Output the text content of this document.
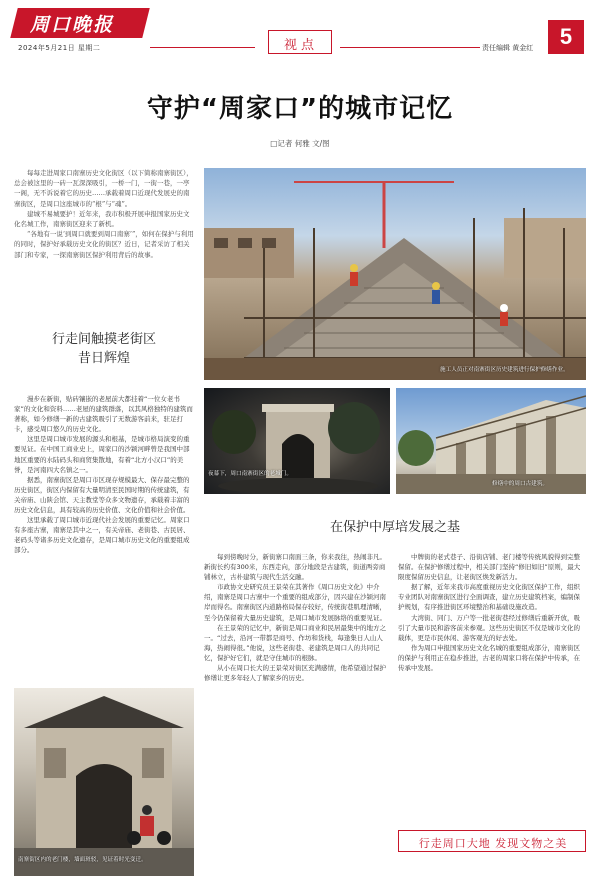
周口晚报
2024年5月21日 星期二	视点	责任编辑 黄金红	5
守护“周家口”的城市记忆
□记者 何雅 文/图

每每走进周家口南寨历史文化街区（以下简称南寨街区），总会被这里的一砖一瓦深深吸引，一桥一门，一街一巷，一亭一阁，无不诉说着它的历史……承载着周口近现代发展史的南寨街区，是周口这座城市的“根”与“魂”。

建城不易城要护！近年来，我市积极开展申报国家历史文化名城工作，南寨街区迎来了新机。

“各地有一说‘到周口就要到周口南寨’”，如何在保护与利用的同时，保护好承载历史文化的街区？近日，记者采访了相关部门和专家，一探南寨街区保护利用背后的故事。

行走间触摸老街区
昔日辉煌

漫步在新街，贴砖镶嵌的老屋前大都挂着“一位女老书家”的文化和资料……老屋的建筑群落，以其风格独特的建筑而著称，如今修缮一新的古建筑吸引了无数游客前来，驻足打卡，感受周口悠久的历史文化。

这里是周口城市发展的源头和根基，是城市格局演变的重要见证。在中国工商业史上，周家口的沙颍河畔曾是我国中部地区重要的水陆码头和商贸集散地，有着“北方小汉口”的美誉，是河南四大名镇之一。

据悉，南寨街区是周口市区现存规模最大、保存最完整的历史街区，街区内保留有大量明清至民国时期的传统建筑，有关帝庙、山陕会馆、天主教堂等众多文物遗存，承载着丰富的历史文化信息，具有较高的历史价值、文化价值和社会价值。

这里承载了周口城市近现代社会发展的重要记忆。周家口有多座古寨，南寨是其中之一，有关帝庙、老街巷、古民居、老码头等诸多历史文化遗存，是周口城市历史文化的重要组成部分。

施工人员正对南寨街区历史建筑进行保护修缮作业。
夜幕下，周口南寨街区的老城门。
修缮中的周口古建筑。
在保护中厚培发展之基

每到傍晚时分，新街寨口南面三条，你来我往，热闹非凡。新街长约有300米，东西走向，部分地段是古建筑，街道两旁商铺林立，古朴建筑与现代生活交融。

市政协文史研究员王景荣在其著作《周口历史文化》中介绍，南寨是周口古寨中一个重要的组成部分，因兴建在沙颍河南岸而得名。南寨街区内道路格局保存较好，传统街巷肌理清晰，至今仍保留着大量历史建筑，是周口城市发展脉络的重要见证。

在王景荣的记忆中，新街是周口商业和民居最集中的地方之一。“过去，沿河一带都是商号、作坊和货栈，每逢集日人山人海，热闹得很。”他说，这些老街巷、老建筑是周口人的共同记忆，保护好它们，就是守住城市的根脉。

从小在周口长大的王景荣对街区充满感情，他希望通过保护修缮让更多年轻人了解家乡的历史。

中牌街的老式巷子、沿街店铺、老门楼等传统风貌得到完整保留。在保护修缮过程中，相关部门坚持“修旧如旧”原则，最大限度保留历史信息，让老街区焕发新活力。

据了解，近年来我市高度重视历史文化街区保护工作，组织专业团队对南寨街区进行全面调查，建立历史建筑档案，编制保护规划，有序推进街区环境整治和基础设施改造。

大湾街、同门、万户等一批老街巷经过修缮后重新开放，吸引了大量市民和游客前来参观。这些历史街区不仅是城市文化的载体，更是市民休闲、游客观光的好去处。

作为周口申报国家历史文化名城的重要组成部分，南寨街区的保护与利用正在稳步推进，古老的周家口将在保护中传承，在传承中发展。

南寨街区内的老门楼，墙面斑驳，见证着时光变迁。
行走周口大地 发现文物之美
